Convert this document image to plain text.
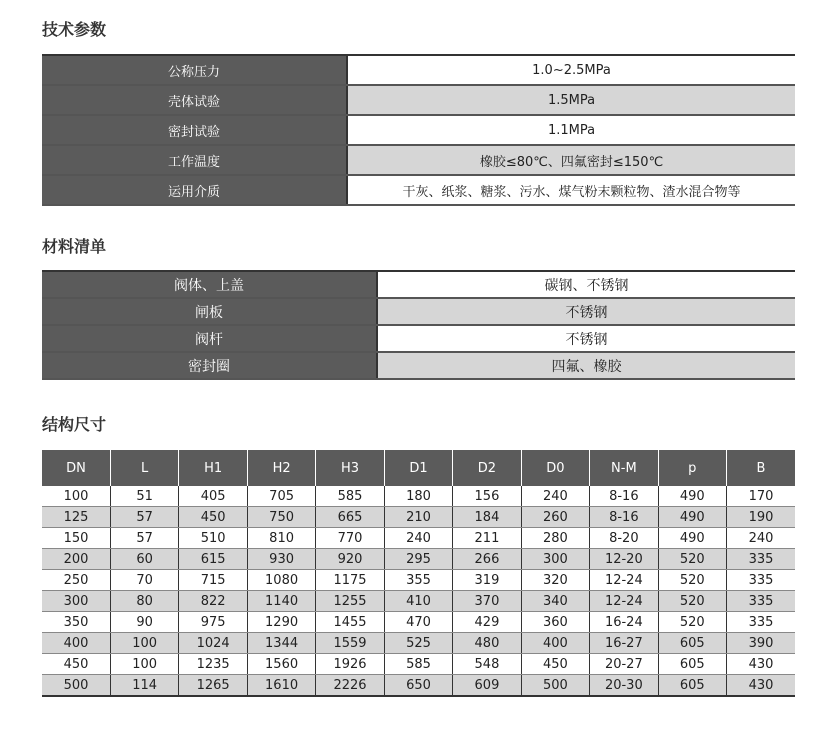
技术参数
公称压力	1.0~2.5MPa
壳体试验	1.5MPa
密封试验	1.1MPa
工作温度	橡胶≤80℃、四氟密封≤150℃
运用介质	干灰、纸浆、糖浆、污水、煤气粉末颗粒物、渣水混合物等
材料清单
阀体、上盖	碳钢、不锈钢
闸板	不锈钢
阀杆	不锈钢
密封圈	四氟、橡胶
结构尺寸
DN	L	H1	H2	H3	D1	D2	D0	N-M	p	B
100	51	405	705	585	180	156	240	8-16	490	170
125	57	450	750	665	210	184	260	8-16	490	190
150	57	510	810	770	240	211	280	8-20	490	240
200	60	615	930	920	295	266	300	12-20	520	335
250	70	715	1080	1175	355	319	320	12-24	520	335
300	80	822	1140	1255	410	370	340	12-24	520	335
350	90	975	1290	1455	470	429	360	16-24	520	335
400	100	1024	1344	1559	525	480	400	16-27	605	390
450	100	1235	1560	1926	585	548	450	20-27	605	430
500	114	1265	1610	2226	650	609	500	20-30	605	430
